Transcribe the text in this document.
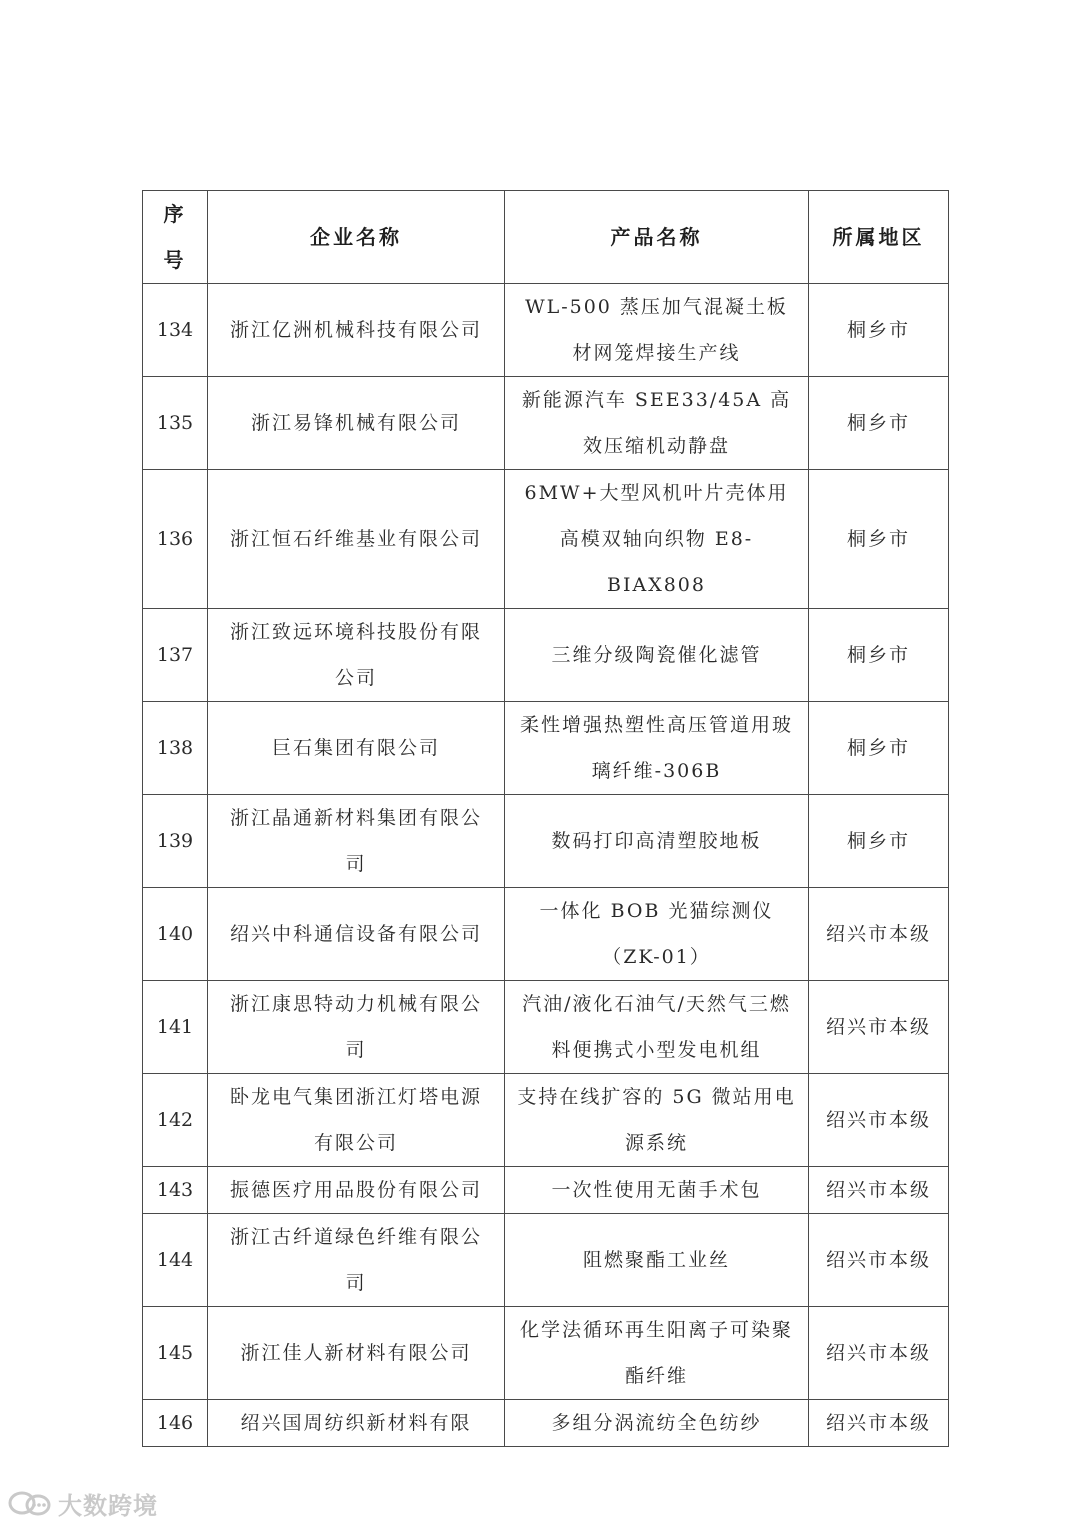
序号	企业名称	产品名称	所属地区
134	浙江亿洲机械科技有限公司	WL-500 蒸压加气混凝土板材网笼焊接生产线	桐乡市
135	浙江易锋机械有限公司	新能源汽车 SEE33/45A 高效压缩机动静盘	桐乡市
136	浙江恒石纤维基业有限公司	6MW+大型风机叶片壳体用高模双轴向织物 E8-BIAX808	桐乡市
137	浙江致远环境科技股份有限公司	三维分级陶瓷催化滤管	桐乡市
138	巨石集团有限公司	柔性增强热塑性高压管道用玻璃纤维-306B	桐乡市
139	浙江晶通新材料集团有限公司	数码打印高清塑胶地板	桐乡市
140	绍兴中科通信设备有限公司	一体化 BOB 光猫综测仪（ZK-01）	绍兴市本级
141	浙江康思特动力机械有限公司	汽油/液化石油气/天然气三燃料便携式小型发电机组	绍兴市本级
142	卧龙电气集团浙江灯塔电源有限公司	支持在线扩容的 5G 微站用电源系统	绍兴市本级
143	振德医疗用品股份有限公司	一次性使用无菌手术包	绍兴市本级
144	浙江古纤道绿色纤维有限公司	阻燃聚酯工业丝	绍兴市本级
145	浙江佳人新材料有限公司	化学法循环再生阳离子可染聚酯纤维	绍兴市本级
146	绍兴国周纺织新材料有限	多组分涡流纺全色纺纱	绍兴市本级
大数跨境
